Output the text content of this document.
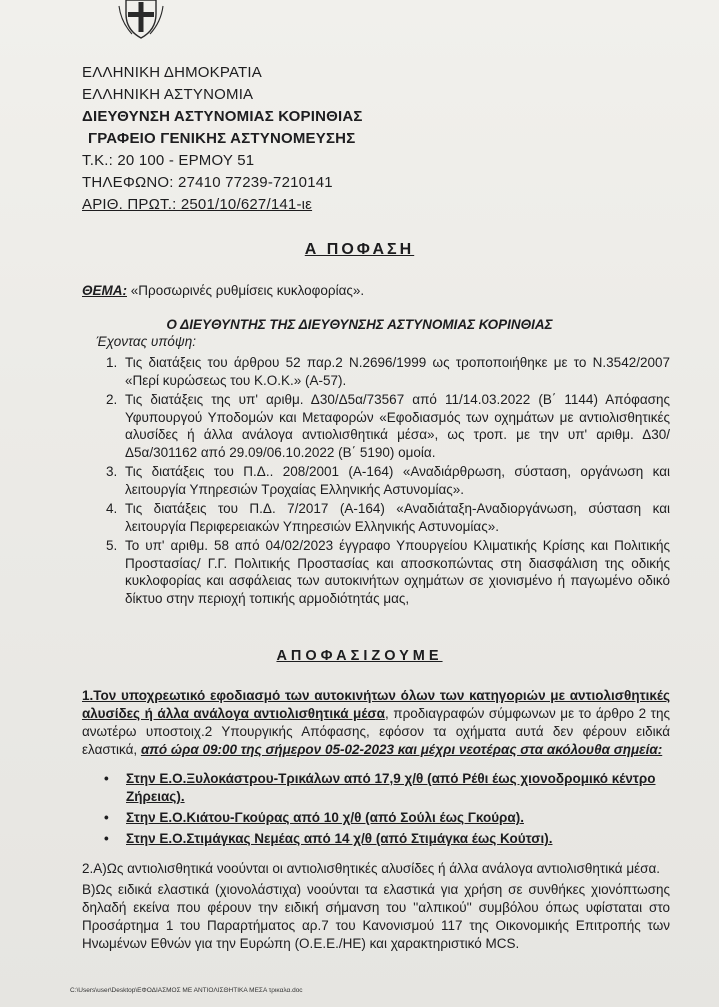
ΕΛΛΗΝΙΚΗ ΔΗΜΟΚΡΑΤΙΑ
ΕΛΛΗΝΙΚΗ ΑΣΤΥΝΟΜΙΑ
ΔΙΕΥΘΥΝΣΗ ΑΣΤΥΝΟΜΙΑΣ ΚΟΡΙΝΘΙΑΣ
ΓΡΑΦΕΙΟ ΓΕΝΙΚΗΣ ΑΣΤΥΝΟΜΕΥΣΗΣ
Τ.Κ.: 20 100 - ΕΡΜΟΥ 51
ΤΗΛΕΦΩΝΟ: 27410 77239-7210141
ΑΡΙΘ. ΠΡΩΤ.: 2501/10/627/141-ιε
Α ΠΟΦΑΣΗ
ΘΕΜΑ: «Προσωρινές ρυθμίσεις κυκλοφορίας».
Ο ΔΙΕΥΘΥΝΤΗΣ ΤΗΣ ΔΙΕΥΘΥΝΣΗΣ ΑΣΤΥΝΟΜΙΑΣ ΚΟΡΙΝΘΙΑΣ
Έχοντας υπόψη:
1. Τις διατάξεις του άρθρου 52 παρ.2 Ν.2696/1999 ως τροποποιήθηκε με το Ν.3542/2007 «Περί κυρώσεως του Κ.Ο.Κ.» (Α-57).
2. Τις διατάξεις της υπ' αριθμ. Δ30/Δ5α/73567 από 11/14.03.2022 (Β΄ 1144) Απόφασης Υφυπουργού Υποδομών και Μεταφορών «Εφοδιασμός των οχημάτων με αντιολισθητικές αλυσίδες ή άλλα ανάλογα αντιολισθητικά μέσα», ως τροπ. με την υπ' αριθμ. Δ30/Δ5α/301162 από 29.09/06.10.2022 (Β΄ 5190) ομοία.
3. Τις διατάξεις του Π.Δ.. 208/2001 (Α-164) «Αναδιάρθρωση, σύσταση, οργάνωση και λειτουργία Υπηρεσιών Τροχαίας Ελληνικής Αστυνομίας».
4. Τις διατάξεις του Π.Δ. 7/2017 (Α-164) «Αναδιάταξη-Αναδιοργάνωση, σύσταση και λειτουργία Περιφερειακών Υπηρεσιών Ελληνικής Αστυνομίας».
5. Το υπ' αριθμ. 58 από 04/02/2023 έγγραφο Υπουργείου Κλιματικής Κρίσης και Πολιτικής Προστασίας/ Γ.Γ. Πολιτικής Προστασίας και αποσκοπώντας στη διασφάλιση της οδικής κυκλοφορίας και ασφάλειας των αυτοκινήτων οχημάτων σε χιονισμένο ή παγωμένο οδικό δίκτυο στην περιοχή τοπικής αρμοδιότητάς μας,
ΑΠΟΦΑΣΙΖΟΥΜΕ
1.Τον υποχρεωτικό εφοδιασμό των αυτοκινήτων όλων των κατηγοριών με αντιολισθητικές αλυσίδες ή άλλα ανάλογα αντιολισθητικά μέσα, προδιαγραφών σύμφωνων με το άρθρο 2 της ανωτέρω υποστοιχ.2 Υπουργικής Απόφασης, εφόσον τα οχήματα αυτά δεν φέρουν ειδικά ελαστικά, από ώρα 09:00 της σήμερον 05-02-2023 και μέχρι νεοτέρας στα ακόλουθα σημεία:
• Στην Ε.Ο.Ξυλοκάστρου-Τρικάλων από 17,9 χ/θ (από Ρέθι έως χιονοδρομικό κέντρο Ζήρειας).
• Στην Ε.Ο.Κιάτου-Γκούρας από 10 χ/θ (από Σούλι έως Γκούρα).
• Στην Ε.Ο.Στιμάγκας Νεμέας από 14 χ/θ (από Στιμάγκα έως Κούτσι).

2.Α)Ως αντιολισθητικά νοούνται οι αντιολισθητικές αλυσίδες ή άλλα ανάλογα αντιολισθητικά μέσα.

Β)Ως ειδικά ελαστικά (χιονολάστιχα) νοούνται τα ελαστικά για χρήση σε συνθήκες χιονόπτωσης δηλαδή εκείνα που φέρουν την ειδική σήμανση του ''αλπικού'' συμβόλου όπως υφίσταται στο Προσάρτημα 1 του Παραρτήματος αρ.7 του Κανονισμού 117 της Οικονομικής Επιτροπής των Ηνωμένων Εθνών για την Ευρώπη (Ο.Ε.Ε./ΗΕ) και χαρακτηριστικό MCS.

C:\Users\user\Desktop\ΕΦΟΔΙΑΣΜΟΣ ΜΕ ΑΝΤΙΟΛΙΣΘΗΤΙΚΑ ΜΕΣΑ τρικαλα.doc
